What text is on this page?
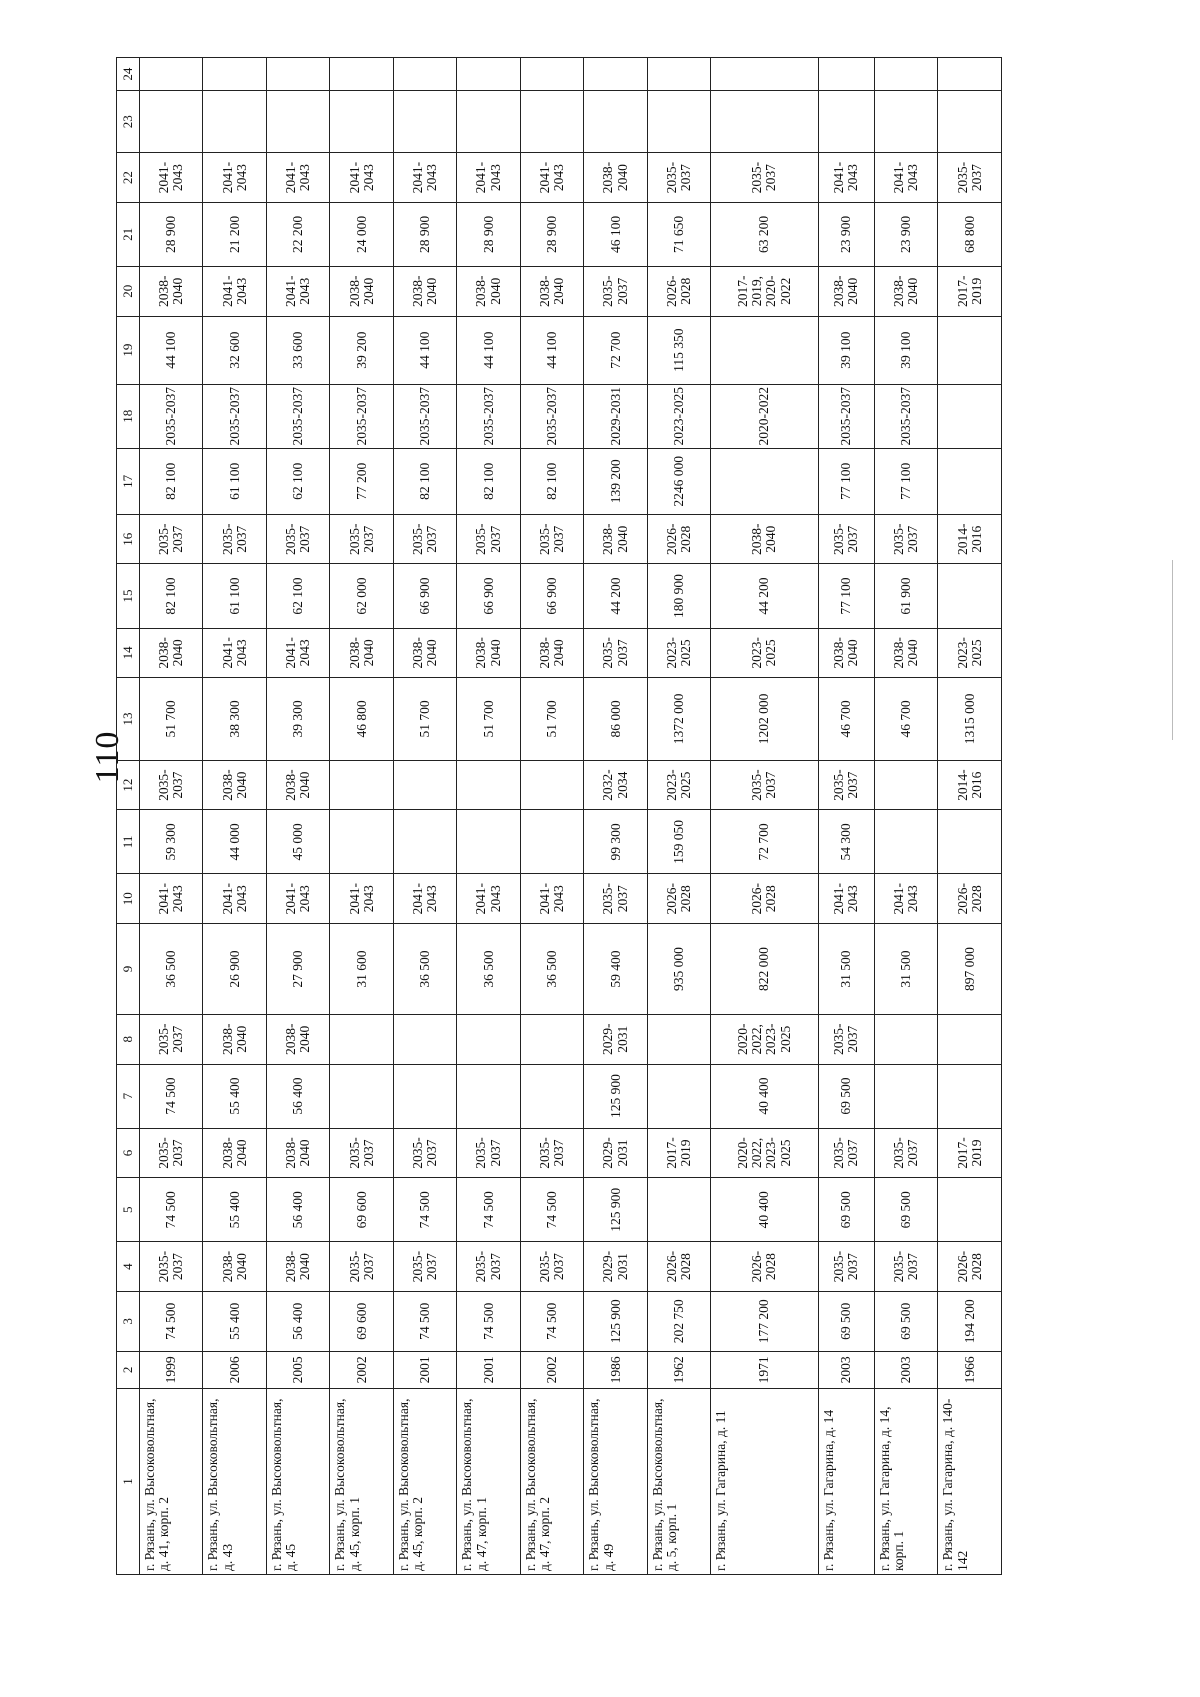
110
1	2	3	4	5	6	7	8	9	10	11	12	13	14	15	16	17	18	19	20	21	22	23	24
г. Рязань, ул. Высоковольтная, д. 41, корп. 2	1999	74 500	2035-2037	74 500	2035-2037	74 500	2035-2037	36 500	2041-2043	59 300	2035-2037	51 700	2038-2040	82 100	2035-2037	82 100	2035-2037	44 100	2038-2040	28 900	2041-2043		
г. Рязань, ул. Высоковольтная, д. 43	2006	55 400	2038-2040	55 400	2038-2040	55 400	2038-2040	26 900	2041-2043	44 000	2038-2040	38 300	2041-2043	61 100	2035-2037	61 100	2035-2037	32 600	2041-2043	21 200	2041-2043		
г. Рязань, ул. Высоковольтная, д. 45	2005	56 400	2038-2040	56 400	2038-2040	56 400	2038-2040	27 900	2041-2043	45 000	2038-2040	39 300	2041-2043	62 100	2035-2037	62 100	2035-2037	33 600	2041-2043	22 200	2041-2043		
г. Рязань, ул. Высоковольтная, д. 45, корп. 1	2002	69 600	2035-2037	69 600	2035-2037			31 600	2041-2043			46 800	2038-2040	62 000	2035-2037	77 200	2035-2037	39 200	2038-2040	24 000	2041-2043		
г. Рязань, ул. Высоковольтная, д. 45, корп. 2	2001	74 500	2035-2037	74 500	2035-2037			36 500	2041-2043			51 700	2038-2040	66 900	2035-2037	82 100	2035-2037	44 100	2038-2040	28 900	2041-2043		
г. Рязань, ул. Высоковольтная, д. 47, корп. 1	2001	74 500	2035-2037	74 500	2035-2037			36 500	2041-2043			51 700	2038-2040	66 900	2035-2037	82 100	2035-2037	44 100	2038-2040	28 900	2041-2043		
г. Рязань, ул. Высоковольтная, д. 47, корп. 2	2002	74 500	2035-2037	74 500	2035-2037			36 500	2041-2043			51 700	2038-2040	66 900	2035-2037	82 100	2035-2037	44 100	2038-2040	28 900	2041-2043		
г. Рязань, ул. Высоковольтная, д. 49	1986	125 900	2029-2031	125 900	2029-2031	125 900	2029-2031	59 400	2035-2037	99 300	2032-2034	86 000	2035-2037	44 200	2038-2040	139 200	2029-2031	72 700	2035-2037	46 100	2038-2040		
г. Рязань, ул. Высоковольтная, д. 5, корп. 1	1962	202 750	2026-2028		2017-2019			935 000	2026-2028	159 050	2023-2025	1372 000	2023-2025	180 900	2026-2028	2246 000	2023-2025	115 350	2026-2028	71 650	2035-2037		
г. Рязань, ул. Гагарина, д. 11	1971	177 200	2026-2028	40 400	2020-2022, 2023-2025	40 400	2020-2022, 2023-2025	822 000	2026-2028	72 700	2035-2037	1202 000	2023-2025	44 200	2038-2040		2020-2022		2017-2019, 2020-2022	63 200	2035-2037		
г. Рязань, ул. Гагарина, д. 14	2003	69 500	2035-2037	69 500	2035-2037	69 500	2035-2037	31 500	2041-2043	54 300	2035-2037	46 700	2038-2040	77 100	2035-2037	77 100	2035-2037	39 100	2038-2040	23 900	2041-2043		
г. Рязань, ул. Гагарина, д. 14, корп. 1	2003	69 500	2035-2037	69 500	2035-2037			31 500	2041-2043			46 700	2038-2040	61 900	2035-2037	77 100	2035-2037	39 100	2038-2040	23 900	2041-2043		
г. Рязань, ул. Гагарина, д. 140-142	1966	194 200	2026-2028		2017-2019			897 000	2026-2028		2014-2016	1315 000	2023-2025		2014-2016				2017-2019	68 800	2035-2037		
